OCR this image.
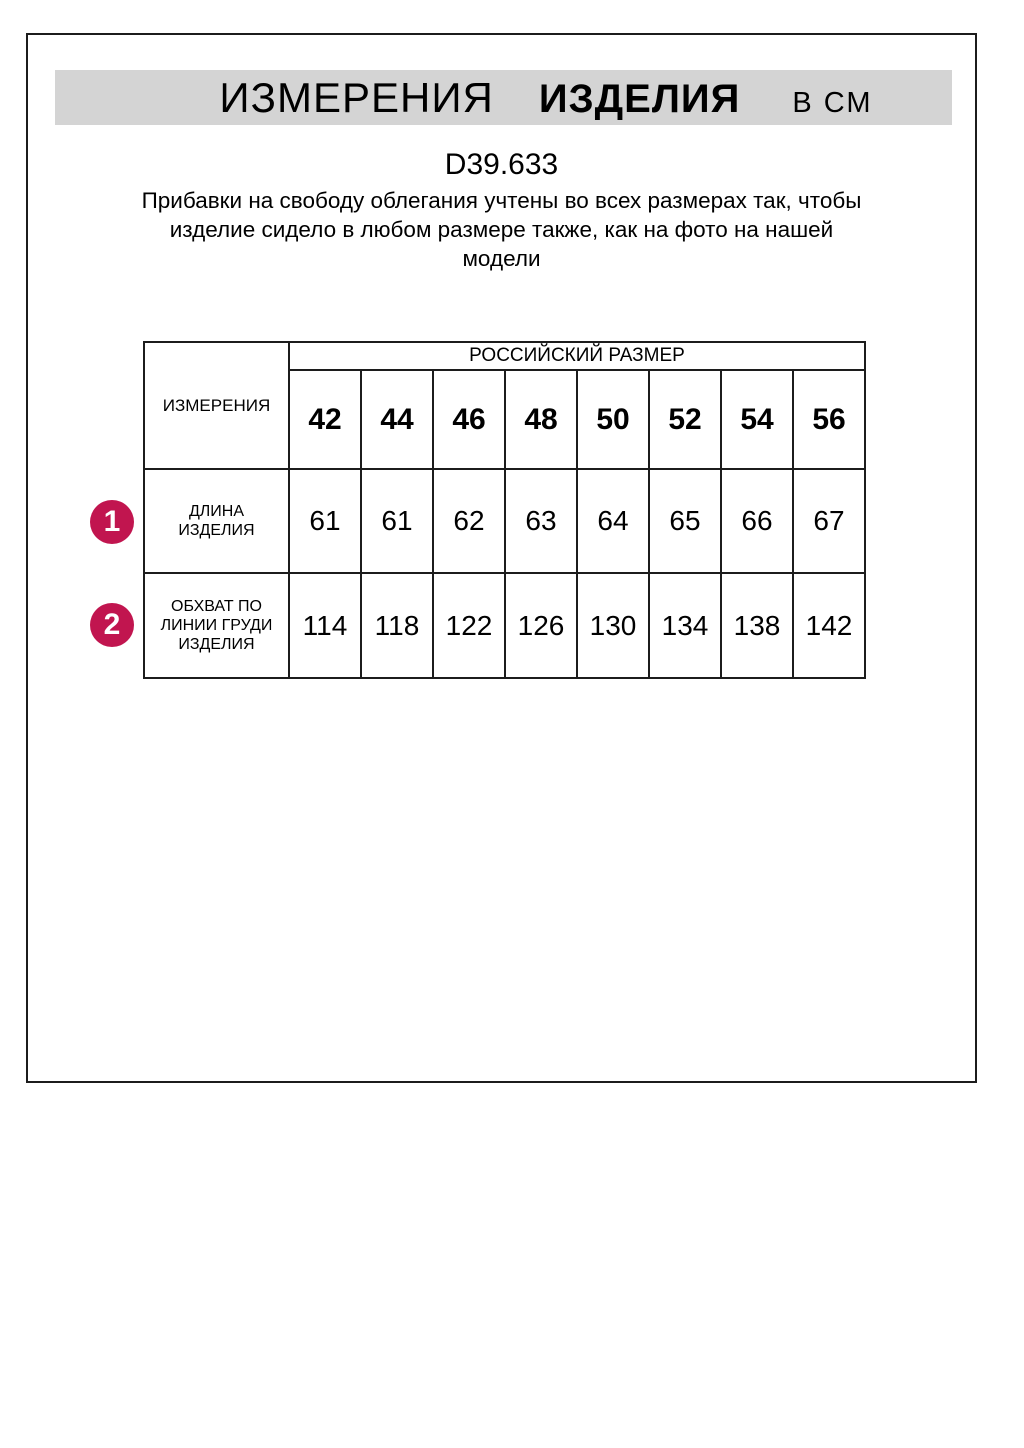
ИЗМЕРЕНИЯ ИЗДЕЛИЯ В СМ
D39.633
Прибавки на свободу облегания учтены во всех размерах так, чтобы
изделие сидело в любом размере также, как на фото на нашей
модели
1
2
ИЗМЕРЕНИЯ	РОССИЙСКИЙ РАЗМЕР							
	42	44	46	48	50	52	54	56

ДЛИНА
ИЗДЕЛИЯ	61	61	62	63	64	65	66	67

ОБХВАТ ПО
ЛИНИИ ГРУДИ
ИЗДЕЛИЯ	114	118	122	126	130	134	138	142
